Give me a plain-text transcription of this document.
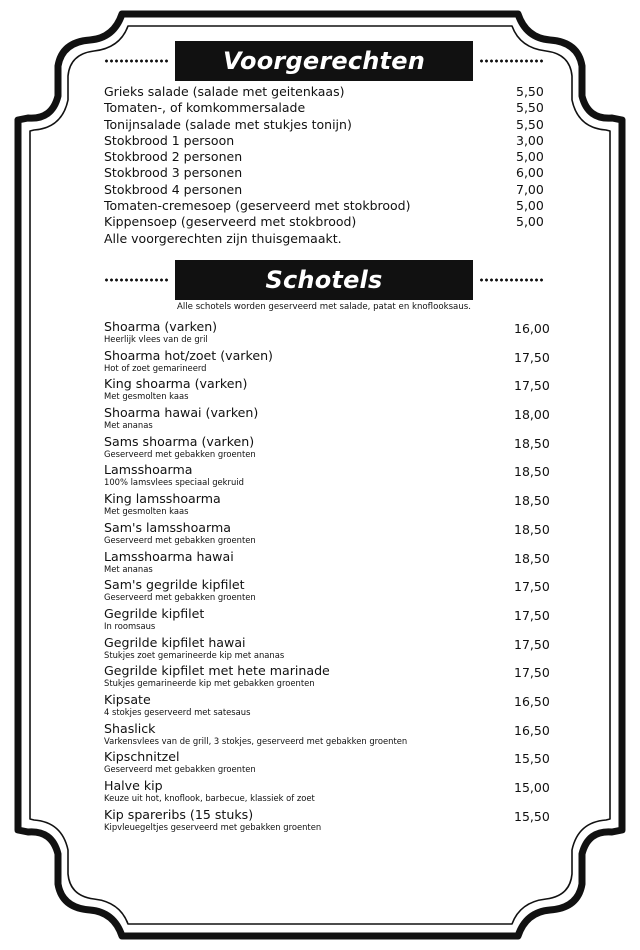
Voorgerechten
Grieks salade (salade met geitenkaas)	5,50
Tomaten-, of komkommersalade	5,50
Tonijnsalade (salade met stukjes tonijn)	5,50
Stokbrood 1 persoon	3,00
Stokbrood 2 personen	5,00
Stokbrood 3 personen	6,00
Stokbrood 4 personen	7,00
Tomaten-cremesoep (geserveerd met stokbrood)	5,00
Kippensoep (geserveerd met stokbrood)	5,00
Alle voorgerechten zijn thuisgemaakt.
Schotels
Alle schotels worden geserveerd met salade, patat en knoflooksaus.
Shoarma (varken)
Heerlijk vlees van de gril
16,00
Shoarma hot/zoet (varken)
Hot of zoet gemarineerd
17,50
King shoarma (varken)
Met gesmolten kaas
17,50
Shoarma hawai (varken)
Met ananas
18,00
Sams shoarma (varken)
Geserveerd met gebakken groenten
18,50
Lamsshoarma
100% lamsvlees speciaal gekruid
18,50
King lamsshoarma
Met gesmolten kaas
18,50
Sam's lamsshoarma
Geserveerd met gebakken groenten
18,50
Lamsshoarma hawai
Met ananas
18,50
Sam's gegrilde kipfilet
Geserveerd met gebakken groenten
17,50
Gegrilde kipfilet
In roomsaus
17,50
Gegrilde kipfilet hawai
Stukjes zoet gemarineerde kip met ananas
17,50
Gegrilde kipfilet met hete marinade
Stukjes gemarineerde kip met gebakken groenten
17,50
Kipsate
4 stokjes geserveerd met satesaus
16,50
Shaslick
Varkensvlees van de grill, 3 stokjes, geserveerd met gebakken groenten
16,50
Kipschnitzel
Geserveerd met gebakken groenten
15,50
Halve kip
Keuze uit hot, knoflook, barbecue, klassiek of zoet
15,00
Kip spareribs (15 stuks)
Kipvleuegeltjes geserveerd met gebakken groenten
15,50
